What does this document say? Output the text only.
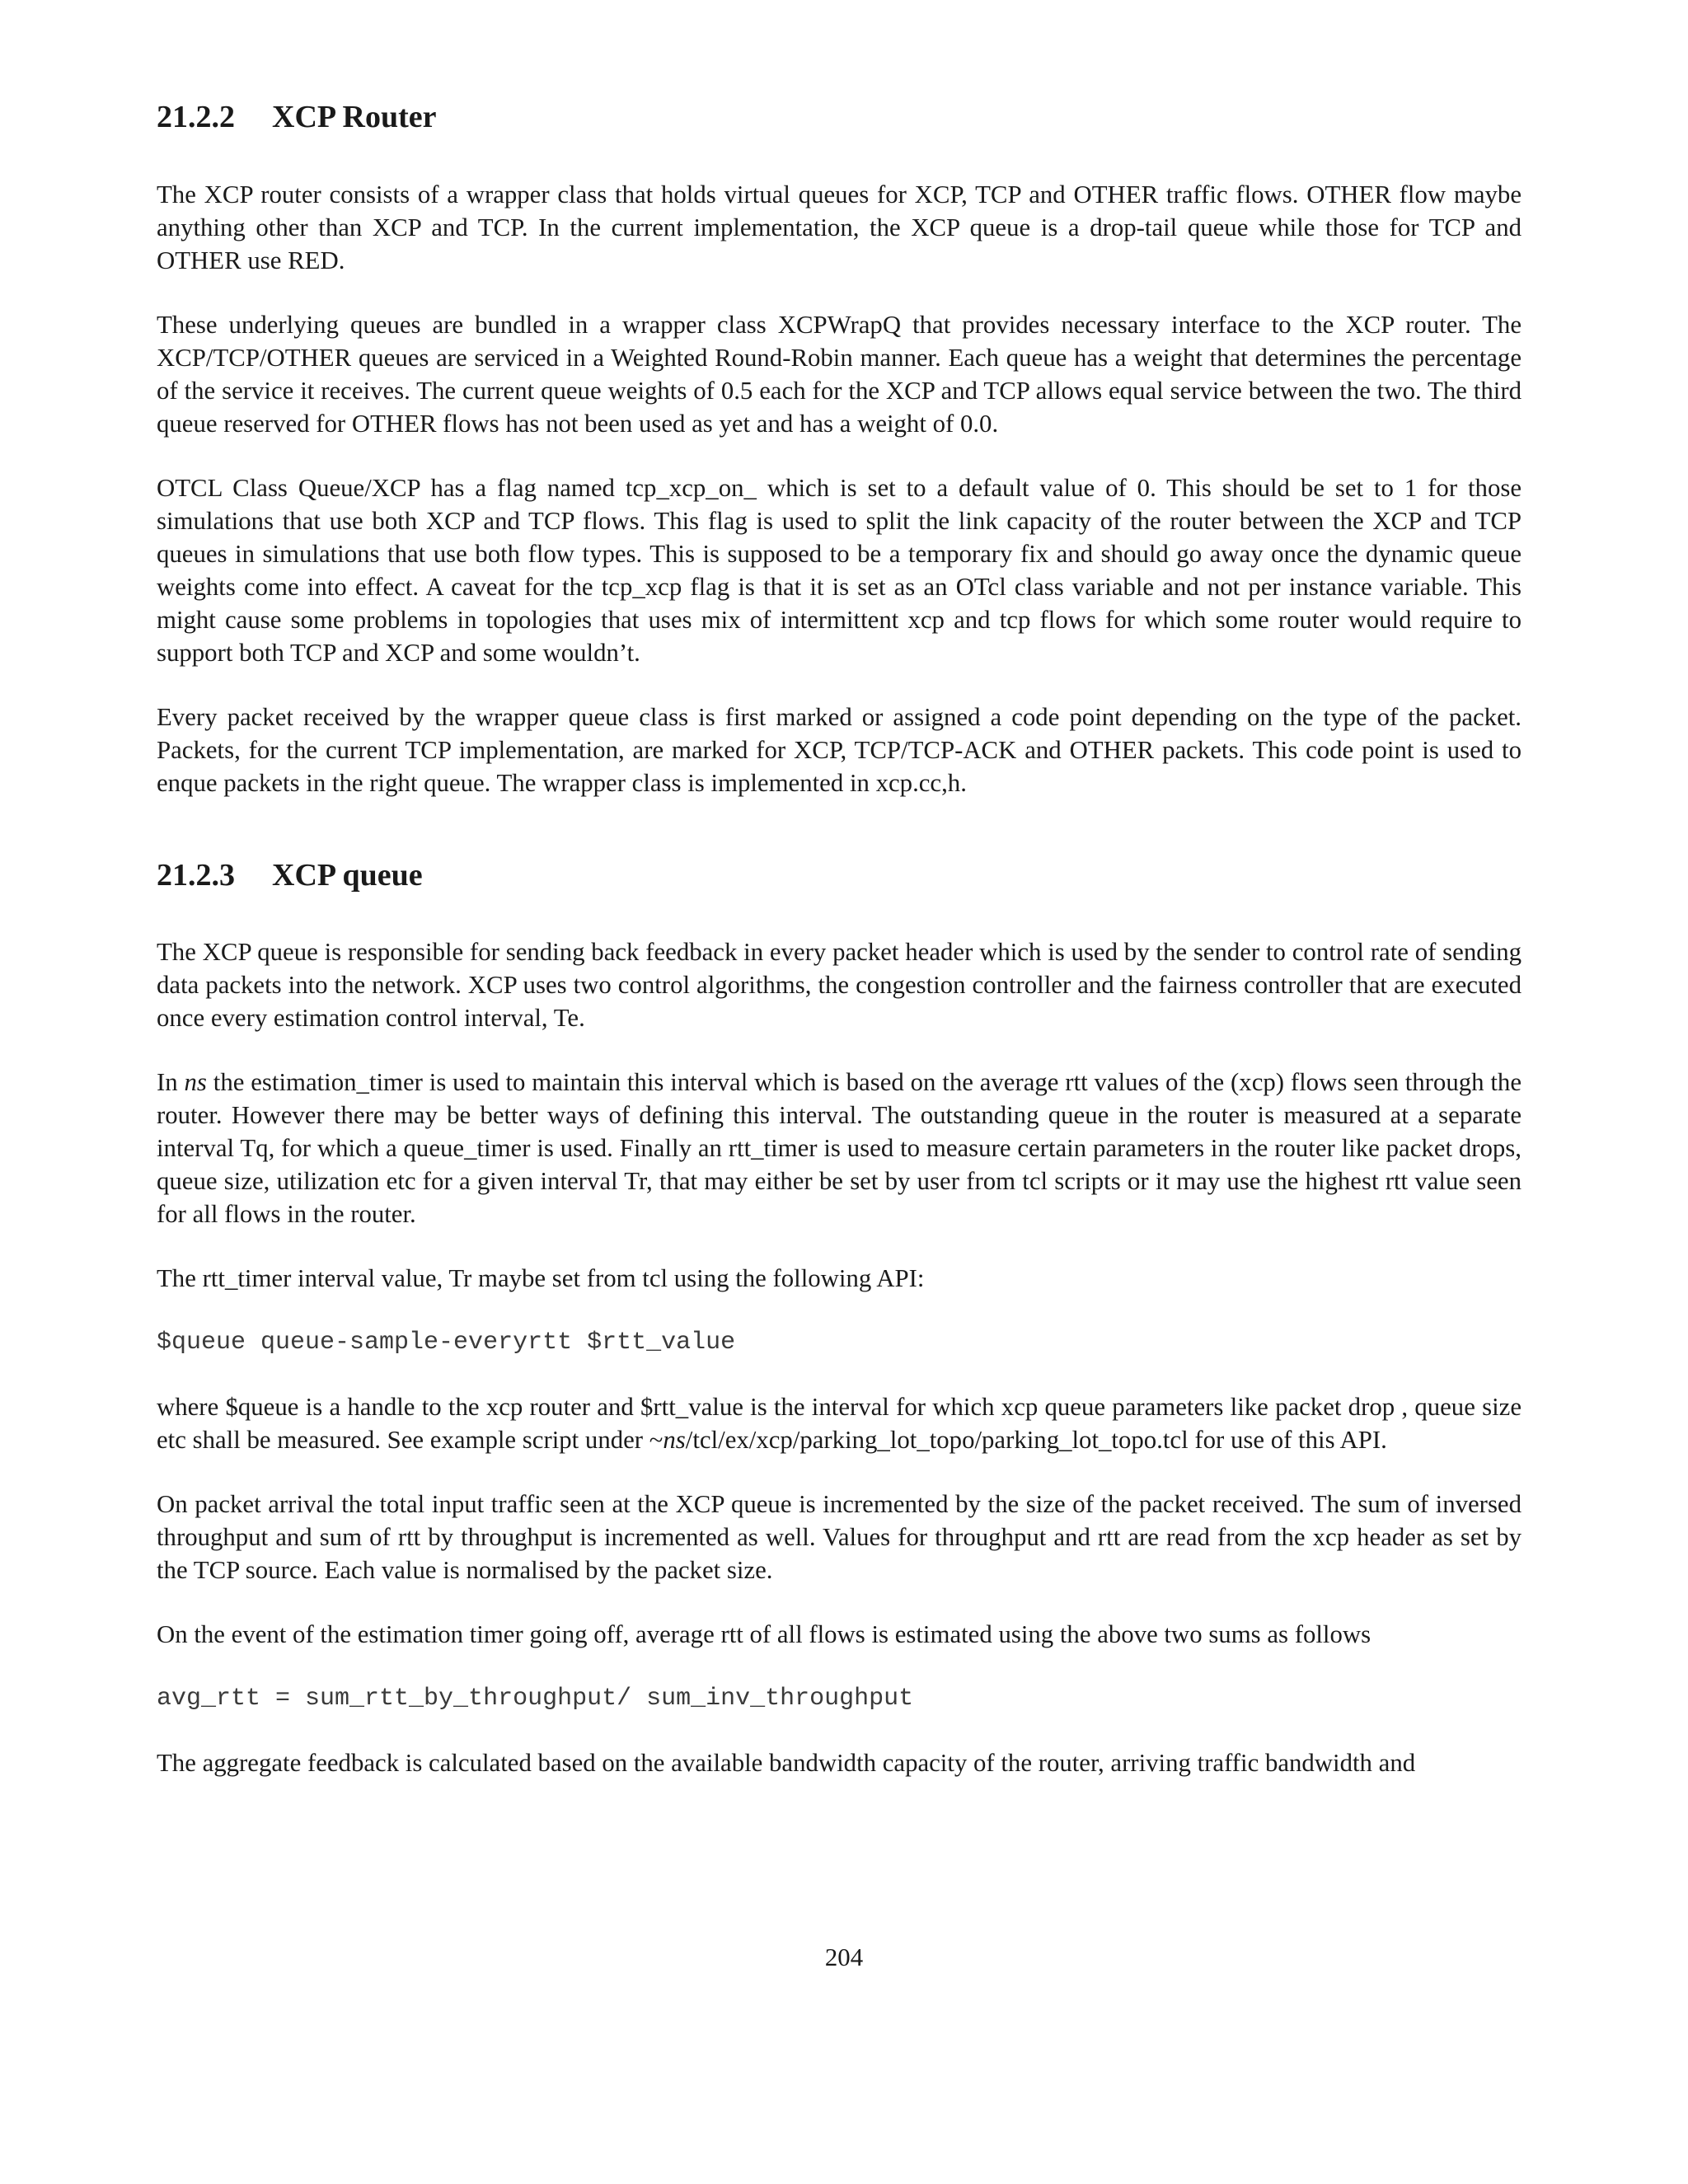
21.2.2 XCP Router

The XCP router consists of a wrapper class that holds virtual queues for XCP, TCP and OTHER traffic flows. OTHER flow maybe anything other than XCP and TCP. In the current implementation, the XCP queue is a drop-tail queue while those for TCP and OTHER use RED.

These underlying queues are bundled in a wrapper class XCPWrapQ that provides necessary interface to the XCP router. The XCP/TCP/OTHER queues are serviced in a Weighted Round-Robin manner. Each queue has a weight that determines the percentage of the service it receives. The current queue weights of 0.5 each for the XCP and TCP allows equal service between the two. The third queue reserved for OTHER flows has not been used as yet and has a weight of 0.0.

OTCL Class Queue/XCP has a flag named tcp_xcp_on_ which is set to a default value of 0. This should be set to 1 for those simulations that use both XCP and TCP flows. This flag is used to split the link capacity of the router between the XCP and TCP queues in simulations that use both flow types. This is supposed to be a temporary fix and should go away once the dynamic queue weights come into effect. A caveat for the tcp_xcp flag is that it is set as an OTcl class variable and not per instance variable. This might cause some problems in topologies that uses mix of intermittent xcp and tcp flows for which some router would require to support both TCP and XCP and some wouldn’t.

Every packet received by the wrapper queue class is first marked or assigned a code point depending on the type of the packet. Packets, for the current TCP implementation, are marked for XCP, TCP/TCP-ACK and OTHER packets. This code point is used to enque packets in the right queue. The wrapper class is implemented in xcp.cc,h.

21.2.3 XCP queue

The XCP queue is responsible for sending back feedback in every packet header which is used by the sender to control rate of sending data packets into the network. XCP uses two control algorithms, the congestion controller and the fairness controller that are executed once every estimation control interval, Te.

In ns the estimation_timer is used to maintain this interval which is based on the average rtt values of the (xcp) flows seen through the router. However there may be better ways of defining this interval. The outstanding queue in the router is measured at a separate interval Tq, for which a queue_timer is used. Finally an rtt_timer is used to measure certain parameters in the router like packet drops, queue size, utilization etc for a given interval Tr, that may either be set by user from tcl scripts or it may use the highest rtt value seen for all flows in the router.

The rtt_timer interval value, Tr maybe set from tcl using the following API:

$queue queue-sample-everyrtt $rtt_value

where $queue is a handle to the xcp router and $rtt_value is the interval for which xcp queue parameters like packet drop , queue size etc shall be measured. See example script under ~ns/tcl/ex/xcp/parking_lot_topo/parking_lot_topo.tcl for use of this API.

On packet arrival the total input traffic seen at the XCP queue is incremented by the size of the packet received. The sum of inversed throughput and sum of rtt by throughput is incremented as well. Values for throughput and rtt are read from the xcp header as set by the TCP source. Each value is normalised by the packet size.

On the event of the estimation timer going off, average rtt of all flows is estimated using the above two sums as follows

avg_rtt = sum_rtt_by_throughput/ sum_inv_throughput

The aggregate feedback is calculated based on the available bandwidth capacity of the router, arriving traffic bandwidth and

204
